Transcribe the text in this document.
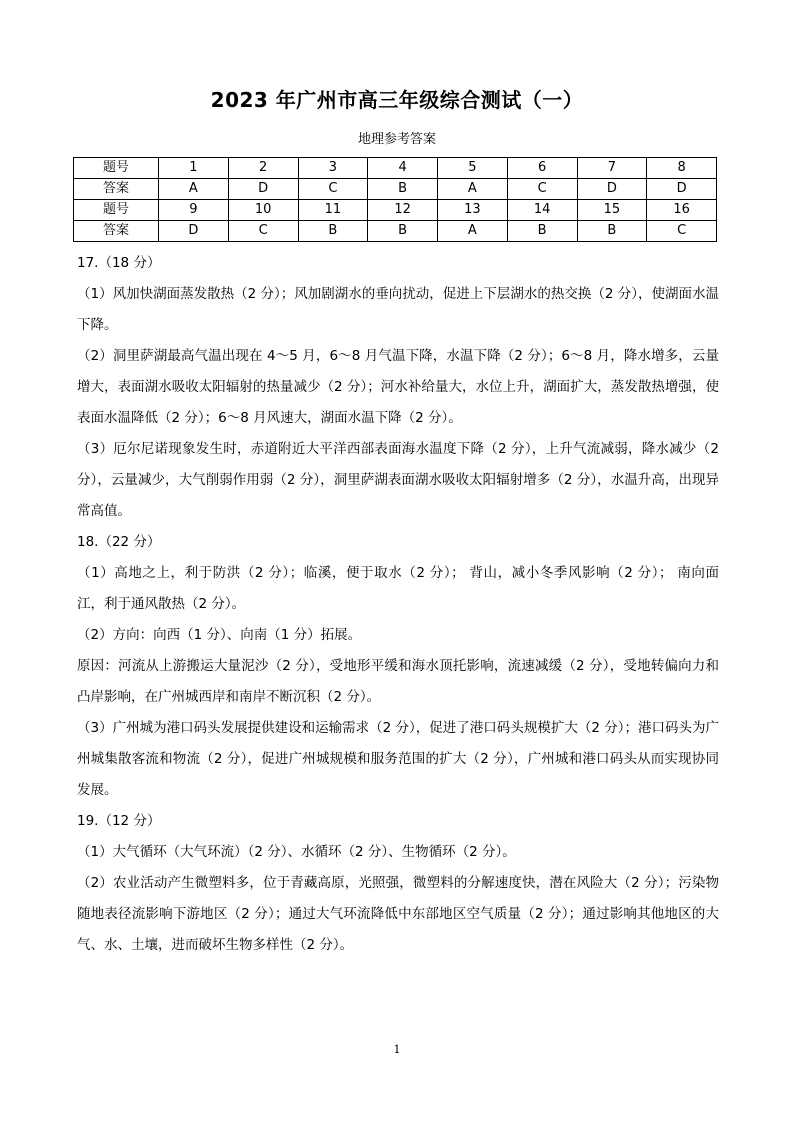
2023 年广州市高三年级综合测试（一）
地理参考答案
题号	1	2	3	4	5	6	7	8
答案	A	D	C	B	A	C	D	D
题号	9	10	11	12	13	14	15	16
答案	D	C	B	B	A	B	B	C

17.（18 分）

（1）风加快湖面蒸发散热（2 分）；风加剧湖水的垂向扰动，促进上下层湖水的热交换（2 分），使湖面水温下降。

（2）洞里萨湖最高气温出现在 4～5 月，6～8 月气温下降，水温下降（2 分）；6～8 月，降水增多，云量增大，表面湖水吸收太阳辐射的热量减少（2 分）；河水补给量大，水位上升，湖面扩大，蒸发散热增强，使表面水温降低（2 分）；6～8 月风速大，湖面水温下降（2 分）。

（3）厄尔尼诺现象发生时，赤道附近大平洋西部表面海水温度下降（2 分），上升气流减弱，降水减少（2 分），云量减少，大气削弱作用弱（2 分），洞里萨湖表面湖水吸收太阳辐射增多（2 分），水温升高，出现异常高值。

18.（22 分）

（1）高地之上，利于防洪（2 分）；临溪，便于取水（2 分）； 背山，减小冬季风影响（2 分）； 南向面江，利于通风散热（2 分）。

（2）方向：向西（1 分）、向南（1 分）拓展。

原因：河流从上游搬运大量泥沙（2 分），受地形平缓和海水顶托影响，流速减缓（2 分），受地转偏向力和凸岸影响，在广州城西岸和南岸不断沉积（2 分）。

（3）广州城为港口码头发展提供建设和运输需求（2 分），促进了港口码头规模扩大（2 分）；港口码头为广州城集散客流和物流（2 分），促进广州城规模和服务范围的扩大（2 分），广州城和港口码头从而实现协同发展。

19.（12 分）

（1）大气循环（大气环流）（2 分）、水循环（2 分）、生物循环（2 分）。

（2）农业活动产生微塑料多，位于青藏高原，光照强，微塑料的分解速度快，潜在风险大（2 分）；污染物随地表径流影响下游地区（2 分）；通过大气环流降低中东部地区空气质量（2 分）；通过影响其他地区的大气、水、土壤，进而破坏生物多样性（2 分）。

1
